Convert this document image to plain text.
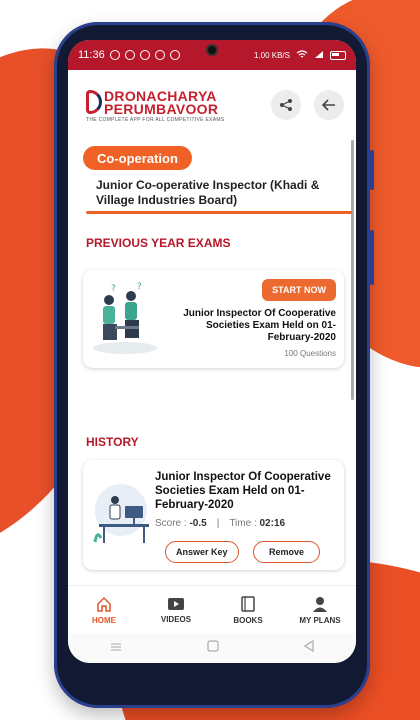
11:36	1.00 KB/S
DRONACHARYA
PERUMBAVOOR
THE COMPLETE APP FOR ALL COMPETITIVE EXAMS
Co-operation
Junior Co-operative Inspector (Khadi & Village Industries Board)
PREVIOUS YEAR EXAMS
? ?	START NOW
Junior Inspector Of Cooperative Societies Exam Held on 01-February-2020
100 Questions
HISTORY
Junior Inspector Of Cooperative Societies Exam Held on 01-February-2020
Score : -0.5 | Time : 02:16
Answer Key	Remove
HOME	VIDEOS	BOOKS	MY PLANS
